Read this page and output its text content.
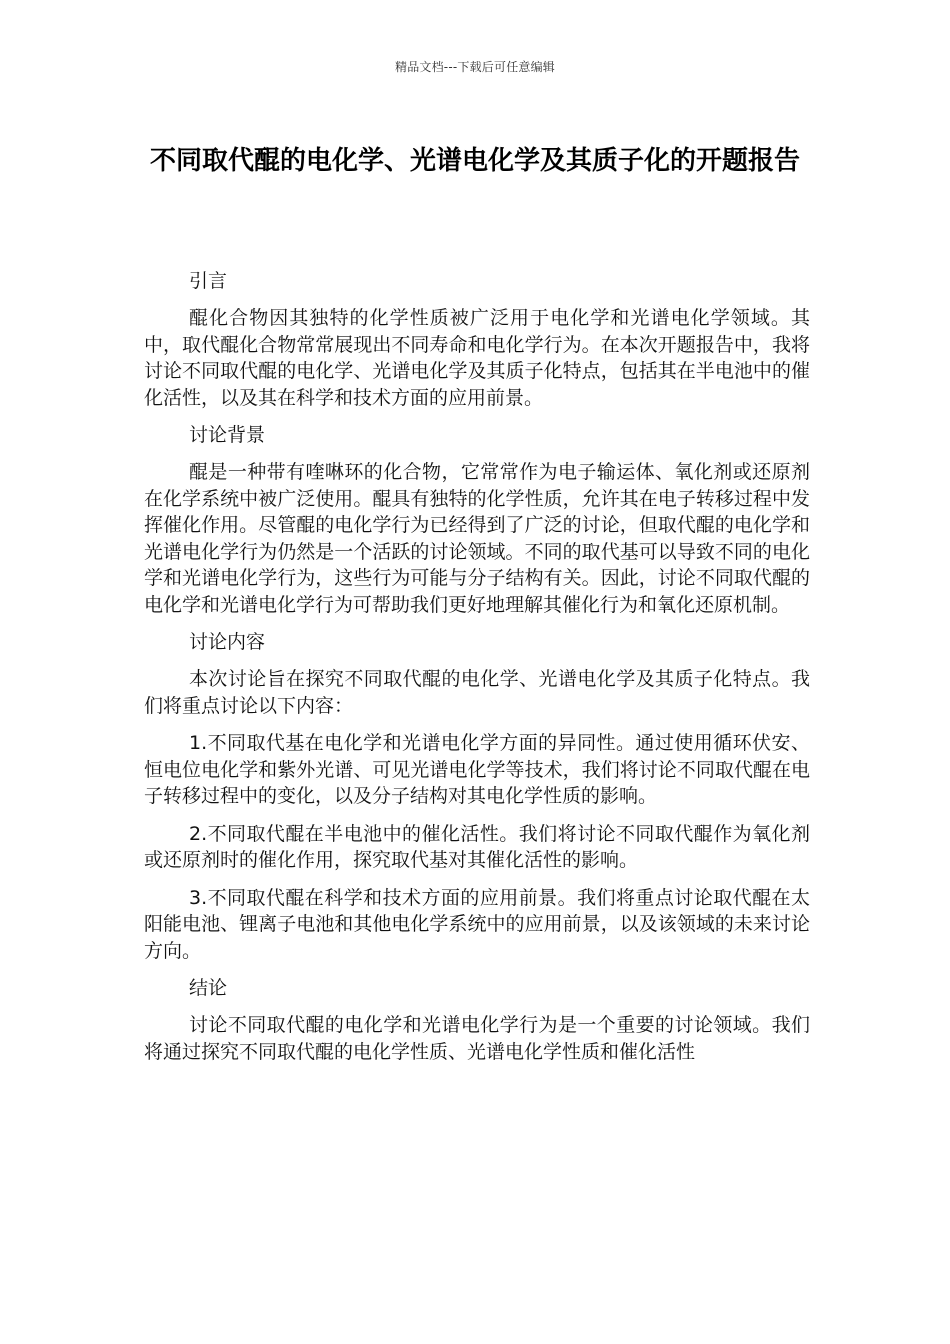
精品文档---下载后可任意编辑
不同取代醌的电化学、光谱电化学及其质子化的开题报告

引言

醌化合物因其独特的化学性质被广泛用于电化学和光谱电化学领域。其中，取代醌化合物常常展现出不同寿命和电化学行为。在本次开题报告中，我将讨论不同取代醌的电化学、光谱电化学及其质子化特点，包括其在半电池中的催化活性，以及其在科学和技术方面的应用前景。

讨论背景

醌是一种带有喹啉环的化合物，它常常作为电子输运体、氧化剂或还原剂在化学系统中被广泛使用。醌具有独特的化学性质，允许其在电子转移过程中发挥催化作用。尽管醌的电化学行为已经得到了广泛的讨论，但取代醌的电化学和光谱电化学行为仍然是一个活跃的讨论领域。不同的取代基可以导致不同的电化学和光谱电化学行为，这些行为可能与分子结构有关。因此，讨论不同取代醌的电化学和光谱电化学行为可帮助我们更好地理解其催化行为和氧化还原机制。

讨论内容

本次讨论旨在探究不同取代醌的电化学、光谱电化学及其质子化特点。我们将重点讨论以下内容：

1.不同取代基在电化学和光谱电化学方面的异同性。通过使用循环伏安、恒电位电化学和紫外光谱、可见光谱电化学等技术，我们将讨论不同取代醌在电子转移过程中的变化，以及分子结构对其电化学性质的影响。

2.不同取代醌在半电池中的催化活性。我们将讨论不同取代醌作为氧化剂或还原剂时的催化作用，探究取代基对其催化活性的影响。

3.不同取代醌在科学和技术方面的应用前景。我们将重点讨论取代醌在太阳能电池、锂离子电池和其他电化学系统中的应用前景，以及该领域的未来讨论方向。

结论

讨论不同取代醌的电化学和光谱电化学行为是一个重要的讨论领域。我们将通过探究不同取代醌的电化学性质、光谱电化学性质和催化活性
